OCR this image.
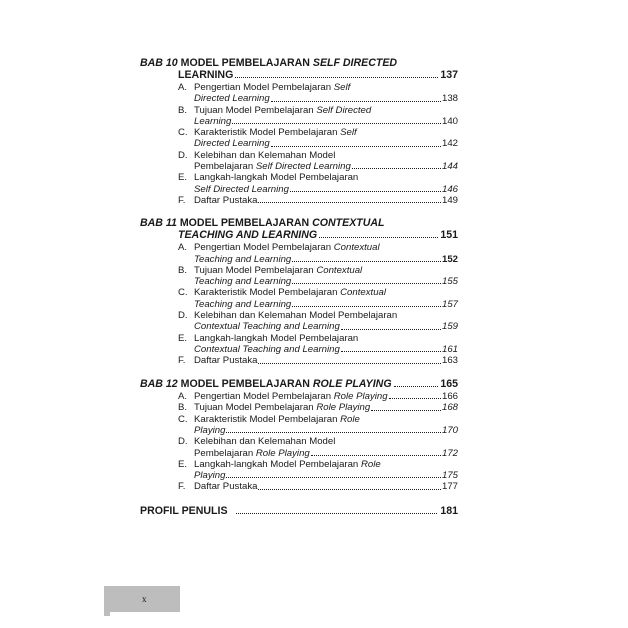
BAB 10 MODEL PEMBELAJARAN SELF DIRECTED
LEARNING	137
A. Pengertian Model Pembelajaran Self
Directed Learning	138
B. Tujuan Model Pembelajaran Self Directed
Learning	140
C. Karakteristik Model Pembelajaran Self
Directed Learning	142
D. Kelebihan dan Kelemahan Model
Pembelajaran Self Directed Learning	144
E. Langkah-langkah Model Pembelajaran
Self Directed Learning	146
F. Daftar Pustaka	149
BAB 11 MODEL PEMBELAJARAN CONTEXTUAL
TEACHING AND LEARNING	151
A. Pengertian Model Pembelajaran Contextual
Teaching and Learning	152
B. Tujuan Model Pembelajaran Contextual
Teaching and Learning	155
C. Karakteristik Model Pembelajaran Contextual
Teaching and Learning	157
D. Kelebihan dan Kelemahan Model Pembelajaran
Contextual Teaching and Learning	159
E. Langkah-langkah Model Pembelajaran
Contextual Teaching and Learning	161
F. Daftar Pustaka	163
BAB 12 MODEL PEMBELAJARAN ROLE PLAYING	165
A. Pengertian Model Pembelajaran Role Playing	166
B. Tujuan Model Pembelajaran Role Playing	168
C. Karakteristik Model Pembelajaran Role
Playing	170
D. Kelebihan dan Kelemahan Model
Pembelajaran Role Playing	172
E. Langkah-langkah Model Pembelajaran Role
Playing	175
F. Daftar Pustaka	177
PROFIL PENULIS	181
x
